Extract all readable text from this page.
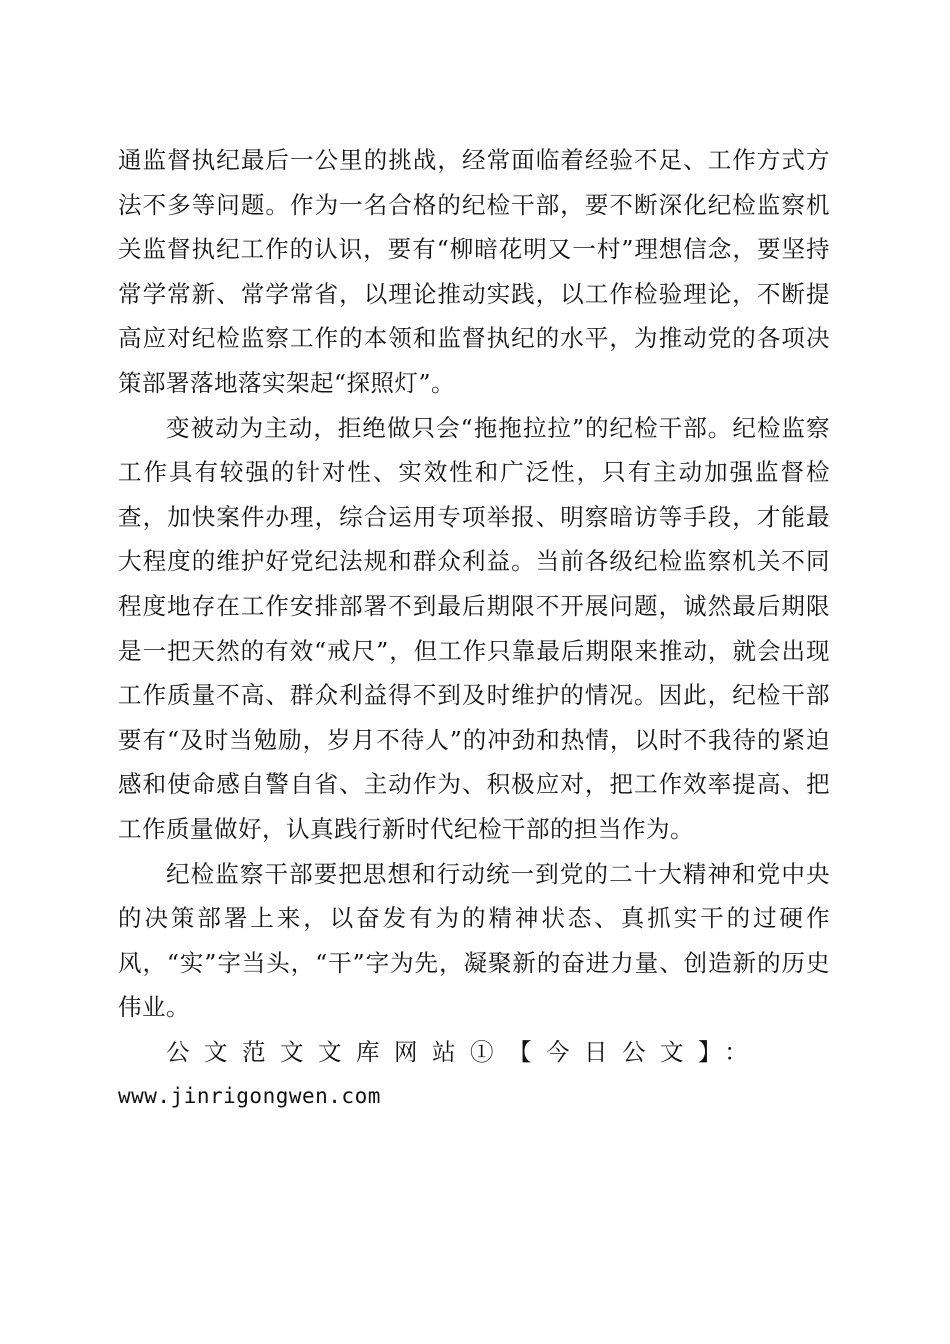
通监督执纪最后一公里的挑战，经常面临着经验不足、工作方式方法不多等问题。作为一名合格的纪检干部，要不断深化纪检监察机关监督执纪工作的认识，要有“柳暗花明又一村”理想信念，要坚持常学常新、常学常省，以理论推动实践，以工作检验理论，不断提高应对纪检监察工作的本领和监督执纪的水平，为推动党的各项决策部署落地落实架起“探照灯”。

变被动为主动，拒绝做只会“拖拖拉拉”的纪检干部。纪检监察工作具有较强的针对性、实效性和广泛性，只有主动加强监督检查，加快案件办理，综合运用专项举报、明察暗访等手段，才能最大程度的维护好党纪法规和群众利益。当前各级纪检监察机关不同程度地存在工作安排部署不到最后期限不开展问题，诚然最后期限是一把天然的有效“戒尺”，但工作只靠最后期限来推动，就会出现工作质量不高、群众利益得不到及时维护的情况。因此，纪检干部要有“及时当勉励，岁月不待人”的冲劲和热情，以时不我待的紧迫感和使命感自警自省、主动作为、积极应对，把工作效率提高、把工作质量做好，认真践行新时代纪检干部的担当作为。

纪检监察干部要把思想和行动统一到党的二十大精神和党中央的决策部署上来，以奋发有为的精神状态、真抓实干的过硬作风，“实”字当头，“干”字为先，凝聚新的奋进力量、创造新的历史伟业。

公文范文文库网站①【今日公文】：

www.jinrigongwen.com
